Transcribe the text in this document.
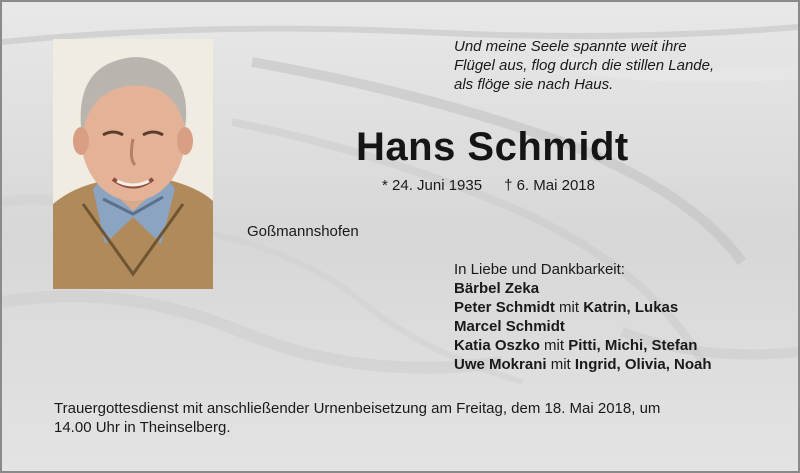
Und meine Seele spannte weit ihre
Flügel aus, flog durch die stillen Lande,
als flöge sie nach Haus.
Hans Schmidt
* 24. Juni 1935 † 6. Mai 2018
Goßmannshofen
In Liebe und Dankbarkeit:
Bärbel Zeka
Peter Schmidt mit Katrin, Lukas
Marcel Schmidt
Katia Oszko mit Pitti, Michi, Stefan
Uwe Mokrani mit Ingrid, Olivia, Noah
Trauergottesdienst mit anschließender Urnenbeisetzung am Freitag, dem 18. Mai 2018, um
14.00 Uhr in Theinselberg.
